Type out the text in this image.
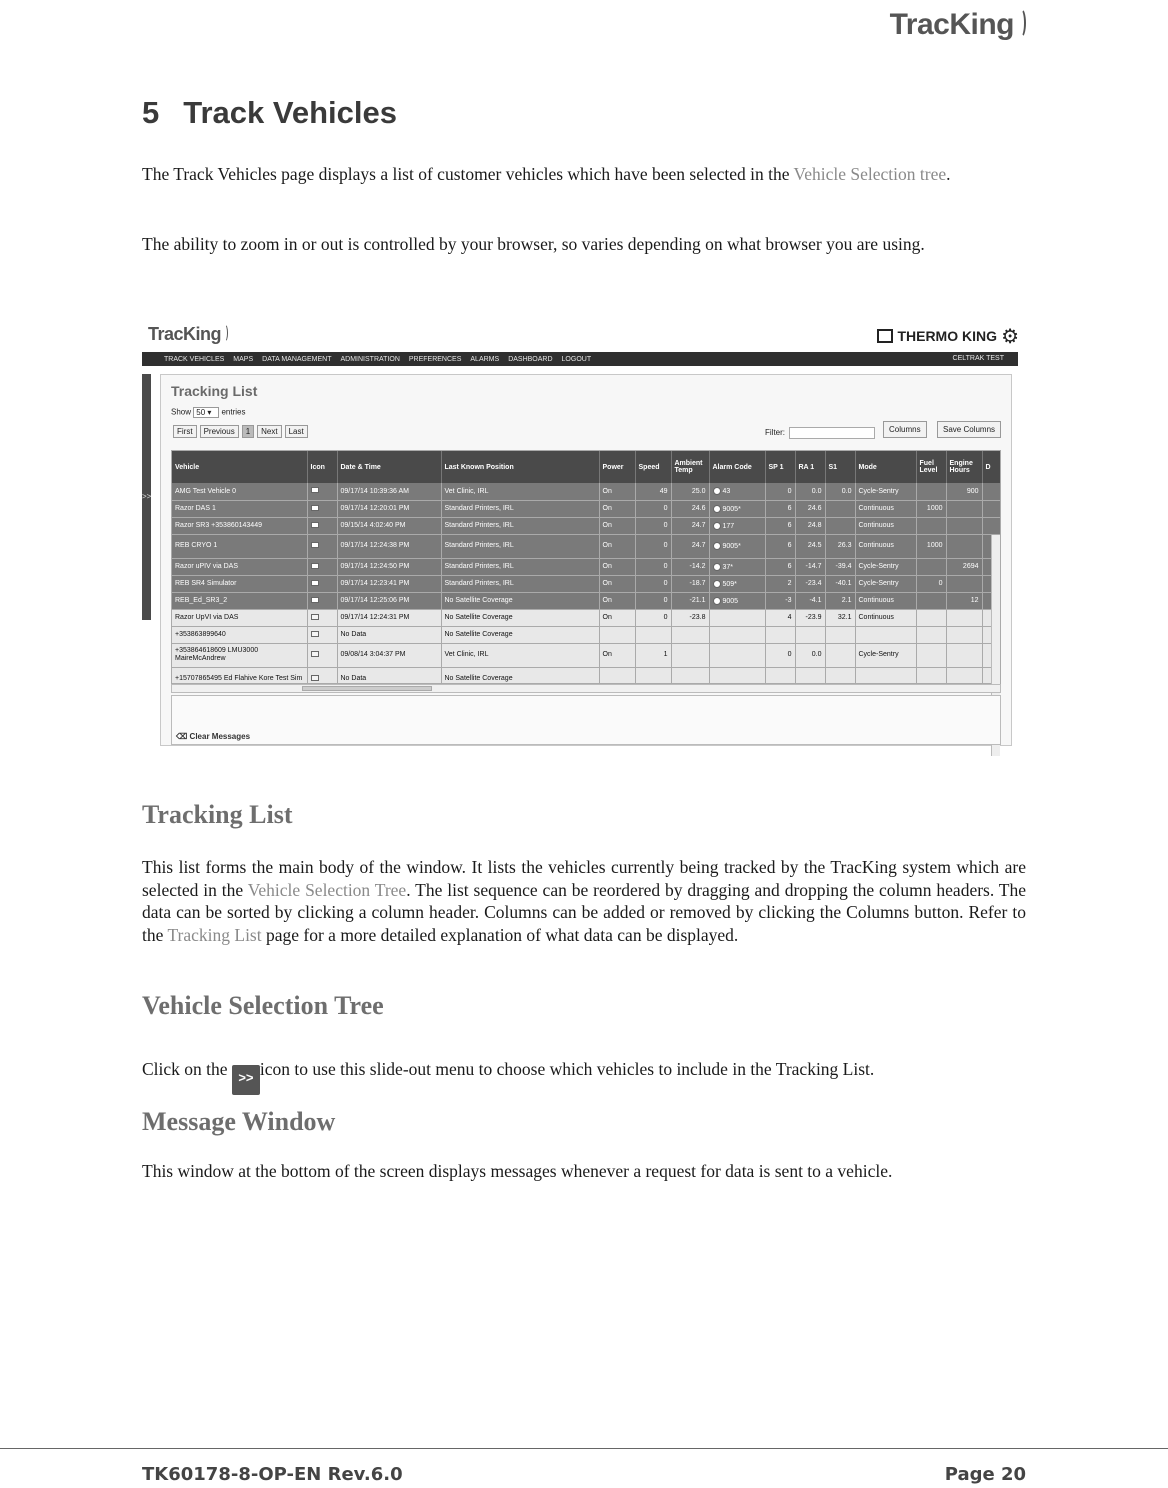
TracKing
5 Track Vehicles

The Track Vehicles page displays a list of customer vehicles which have been selected in the Vehicle Selection tree.

The ability to zoom in or out is controlled by your browser, so varies depending on what browser you are using.

TracKing	THERMO KING ⚙
TRACK VEHICLES MAPS DATA MANAGEMENT ADMINISTRATION PREFERENCES ALARMS DASHBOARD LOGOUT	CELTRAK TEST
>>
Tracking List
Show 50 ▾ entries
First	Previous	1	Next	Last	Filter:	Columns	Save Columns
Vehicle	Icon	Date & Time	Last Known Position	Power	Speed	Ambient Temp	Alarm Code	SP 1	RA 1	S1	Mode	Fuel Level	Engine Hours	D
AMG Test Vehicle 0		09/17/14 10:39:36 AM	Vet Clinic, IRL	On	49	25.0	43	0	0.0	0.0	Cycle-Sentry		900	
Razor DAS 1		09/17/14 12:20:01 PM	Standard Printers, IRL	On	0	24.6	9005*	6	24.6		Continuous	1000		
Razor SR3 +353860143449		09/15/14 4:02:40 PM	Standard Printers, IRL	On	0	24.7	177	6	24.8		Continuous			
REB CRYO 1		09/17/14 12:24:38 PM	Standard Printers, IRL	On	0	24.7	9005*	6	24.5	26.3	Continuous	1000		
Razor uPIV via DAS		09/17/14 12:24:50 PM	Standard Printers, IRL	On	0	-14.2	37*	6	-14.7	-39.4	Cycle-Sentry		2694	
REB SR4 Simulator		09/17/14 12:23:41 PM	Standard Printers, IRL	On	0	-18.7	509*	2	-23.4	-40.1	Cycle-Sentry	0		
REB_Ed_SR3_2		09/17/14 12:25:06 PM	No Satellite Coverage	On	0	-21.1	9005	-3	-4.1	2.1	Continuous		12	
Razor UpVI via DAS		09/17/14 12:24:31 PM	No Satellite Coverage	On	0	-23.8		4	-23.9	32.1	Continuous			
+353863899640		No Data	No Satellite Coverage											
+353864618609 LMU3000 MaireMcAndrew		09/08/14 3:04:37 PM	Vet Clinic, IRL	On	1			0	0.0		Cycle-Sentry			
+15707865495 Ed Flahive Kore Test Sim		No Data	No Satellite Coverage											
⌫ Clear Messages
Tracking List

This list forms the main body of the window. It lists the vehicles currently being tracked by the TracKing system which are selected in the Vehicle Selection Tree. The list sequence can be reordered by dragging and dropping the column headers. The data can be sorted by clicking a column header. Columns can be added or removed by clicking the Columns button. Refer to the Tracking List page for a more detailed explanation of what data can be displayed.

Vehicle Selection Tree

Click on the >> icon to use this slide-out menu to choose which vehicles to include in the Tracking List.

Message Window

This window at the bottom of the screen displays messages whenever a request for data is sent to a vehicle.

TK60178-8-OP-EN Rev.6.0	Page 20
